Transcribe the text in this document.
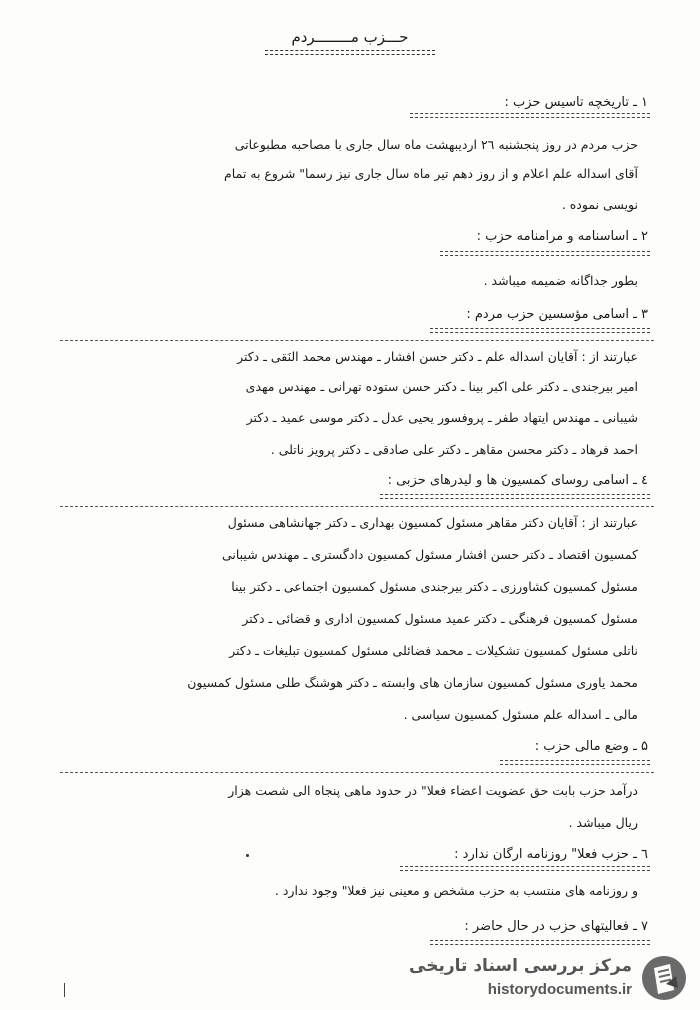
حـــزب مــــــــردم
۱ ـ تاریخچه تاسیس حزب :
حزب مردم در روز پنجشنبه ۲٦ اردیبهشت ماه سال جاری با مصاحبه مطبوعاتی
آقای اسداله علم اعلام و از روز دهم تیر ماه سال جاری نیز رسما" شروع به تمام
نویسی نموده .
۲ ـ اساسنامه و مرامنامه حزب :
بطور جداگانه ضمیمه میباشد .
۳ ـ اسامی مؤسسین حزب مردم :
عبارتند از : آقایان اسداله علم ـ دکتر حسن افشار ـ مهندس محمد النَقی ـ دکتر
امیر بیرجندی ـ دکتر علی اکبر بینا ـ دکتر حسن ستوده تهرانی ـ مهندس مهدی
شیبانی ـ مهندس ایتهاد طفر ـ پروفسور یحیی عدل ـ دکتر موسی عمید ـ دکتر
احمد فرهاد ـ دکتر محسن مقاهر ـ دکتر علی صادقی ـ دکتر پرویز ناتلی .
٤ ـ اسامی روسای کمسیون ها و لیدرهای حزبی :
عبارتند از : آقایان دکتر مقاهر مسئول کمسیون بهداری ـ دکتر جهانشاهی مسئول
کمسیون اقتصاد ـ دکتر حسن افشار مسئول کمسیون دادگستری ـ مهندس شیبانی
مسئول کمسیون کشاورزی ـ دکتر بیرجندی مسئول کمسیون اجتماعی ـ دکتر بینا
مسئول کمسیون فرهنگی ـ دکتر عمید مسئول کمسیون اداری و قضائی ـ دکتر
ناتلی مسئول کمسیون تشکیلات ـ محمد فضائلی مسئول کمسیون تبلیغات ـ دکتر
محمد یاوری مسئول کمسیون سازمان های وابسته ـ دکتر هوشنگ طلی مسئول کمسیون
مالی ـ اسداله علم مسئول کمسیون سیاسی .
۵ ـ وضع مالی حزب :
درآمد حزب بابت حق عضویت اعضاء فعلا" در حدود ماهی پنجاه الی شصت هزار
ریال میباشد .
٦ ـ حزب فعلا" روزنامه ارگان ندارد :
و روزنامه های منتسب به حزب مشخص و معینی نیز فعلا" وجود ندارد .
۷ ـ فعالیتهای حزب در حال حاضر :
مرکز بررسی اسناد تاریخی
historydocuments.ir
